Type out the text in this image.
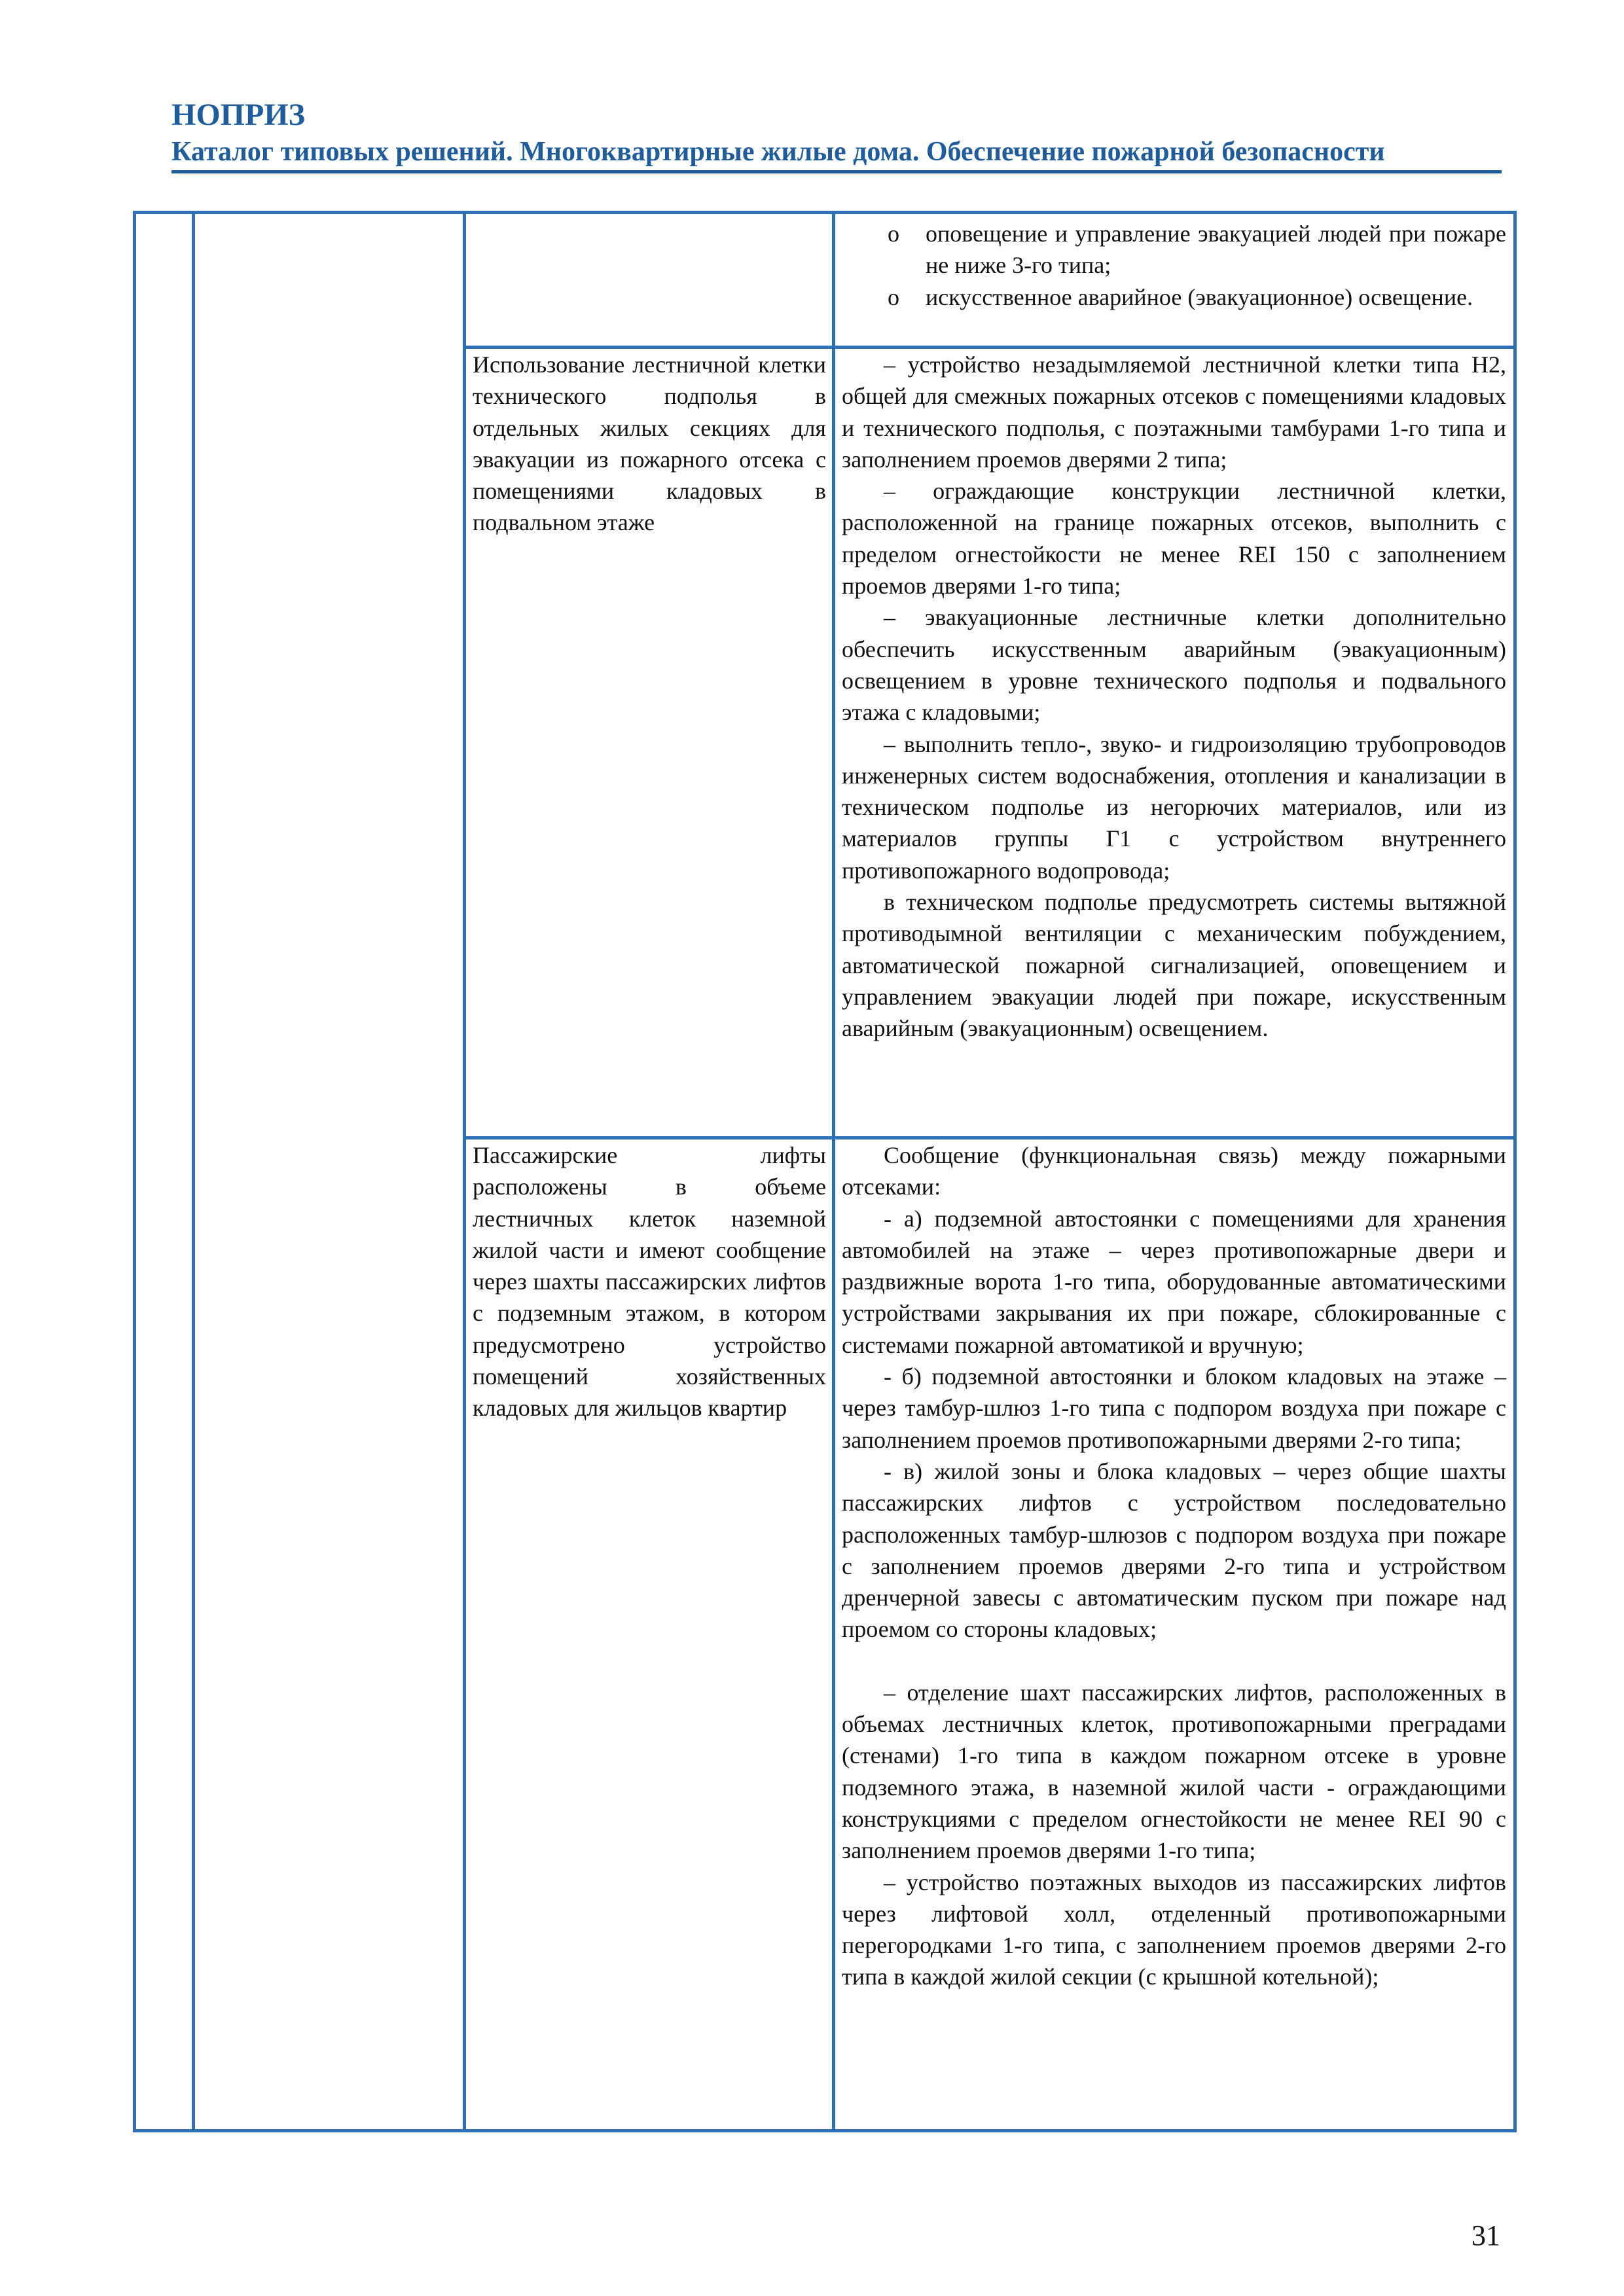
НОПРИЗ
Каталог типовых решений. Многоквартирные жилые дома. Обеспечение пожарной безопасности

o оповещение и управление эвакуацией людей при пожаре не ниже 3-го типа;

o искусственное аварийное (эвакуационное) освещение.

Использование лестничной клетки технического подполья в отдельных жилых секциях для эвакуации из пожарного отсека с помещениями кладовых в подвальном этаже

– устройство незадымляемой лестничной клетки типа Н2, общей для смежных пожарных отсеков с помещениями кладовых и технического подполья, с поэтажными тамбурами 1-го типа и заполнением проемов дверями 2 типа;

– ограждающие конструкции лестничной клетки, расположенной на границе пожарных отсеков, выполнить с пределом огнестойкости не менее REI 150 с заполнением проемов дверями 1-го типа;

– эвакуационные лестничные клетки дополнительно обеспечить искусственным аварийным (эвакуационным) освещением в уровне технического подполья и подвального этажа с кладовыми;

– выполнить тепло-, звуко- и гидроизоляцию трубопроводов инженерных систем водоснабжения, отопления и канализации в техническом подполье из негорючих материалов, или из материалов группы Г1 с устройством внутреннего противопожарного водопровода;

в техническом подполье предусмотреть системы вытяжной противодымной вентиляции с механическим побуждением, автоматической пожарной сигнализацией, оповещением и управлением эвакуации людей при пожаре, искусственным аварийным (эвакуационным) освещением.

Пассажирские лифты расположены в объеме лестничных клеток наземной жилой части и имеют сообщение через шахты пассажирских лифтов с подземным этажом, в котором предусмотрено устройство помещений хозяйственных кладовых для жильцов квартир

Сообщение (функциональная связь) между пожарными отсеками:

- а) подземной автостоянки с помещениями для хранения автомобилей на этаже – через противопожарные двери и раздвижные ворота 1-го типа, оборудованные автоматическими устройствами закрывания их при пожаре, сблокированные с системами пожарной автоматикой и вручную;

- б) подземной автостоянки и блоком кладовых на этаже – через тамбур-шлюз 1-го типа с подпором воздуха при пожаре с заполнением проемов противопожарными дверями 2-го типа;

- в) жилой зоны и блока кладовых – через общие шахты пассажирских лифтов с устройством последовательно расположенных тамбур-шлюзов с подпором воздуха при пожаре с заполнением проемов дверями 2-го типа и устройством дренчерной завесы с автоматическим пуском при пожаре над проемом со стороны кладовых;

– отделение шахт пассажирских лифтов, расположенных в объемах лестничных клеток, противопожарными преградами (стенами) 1-го типа в каждом пожарном отсеке в уровне подземного этажа, в наземной жилой части - ограждающими конструкциями с пределом огнестойкости не менее REI 90 с заполнением проемов дверями 1-го типа;

– устройство поэтажных выходов из пассажирских лифтов через лифтовой холл, отделенный противопожарными перегородками 1-го типа, с заполнением проемов дверями 2-го типа в каждой жилой секции (с крышной котельной);

31
